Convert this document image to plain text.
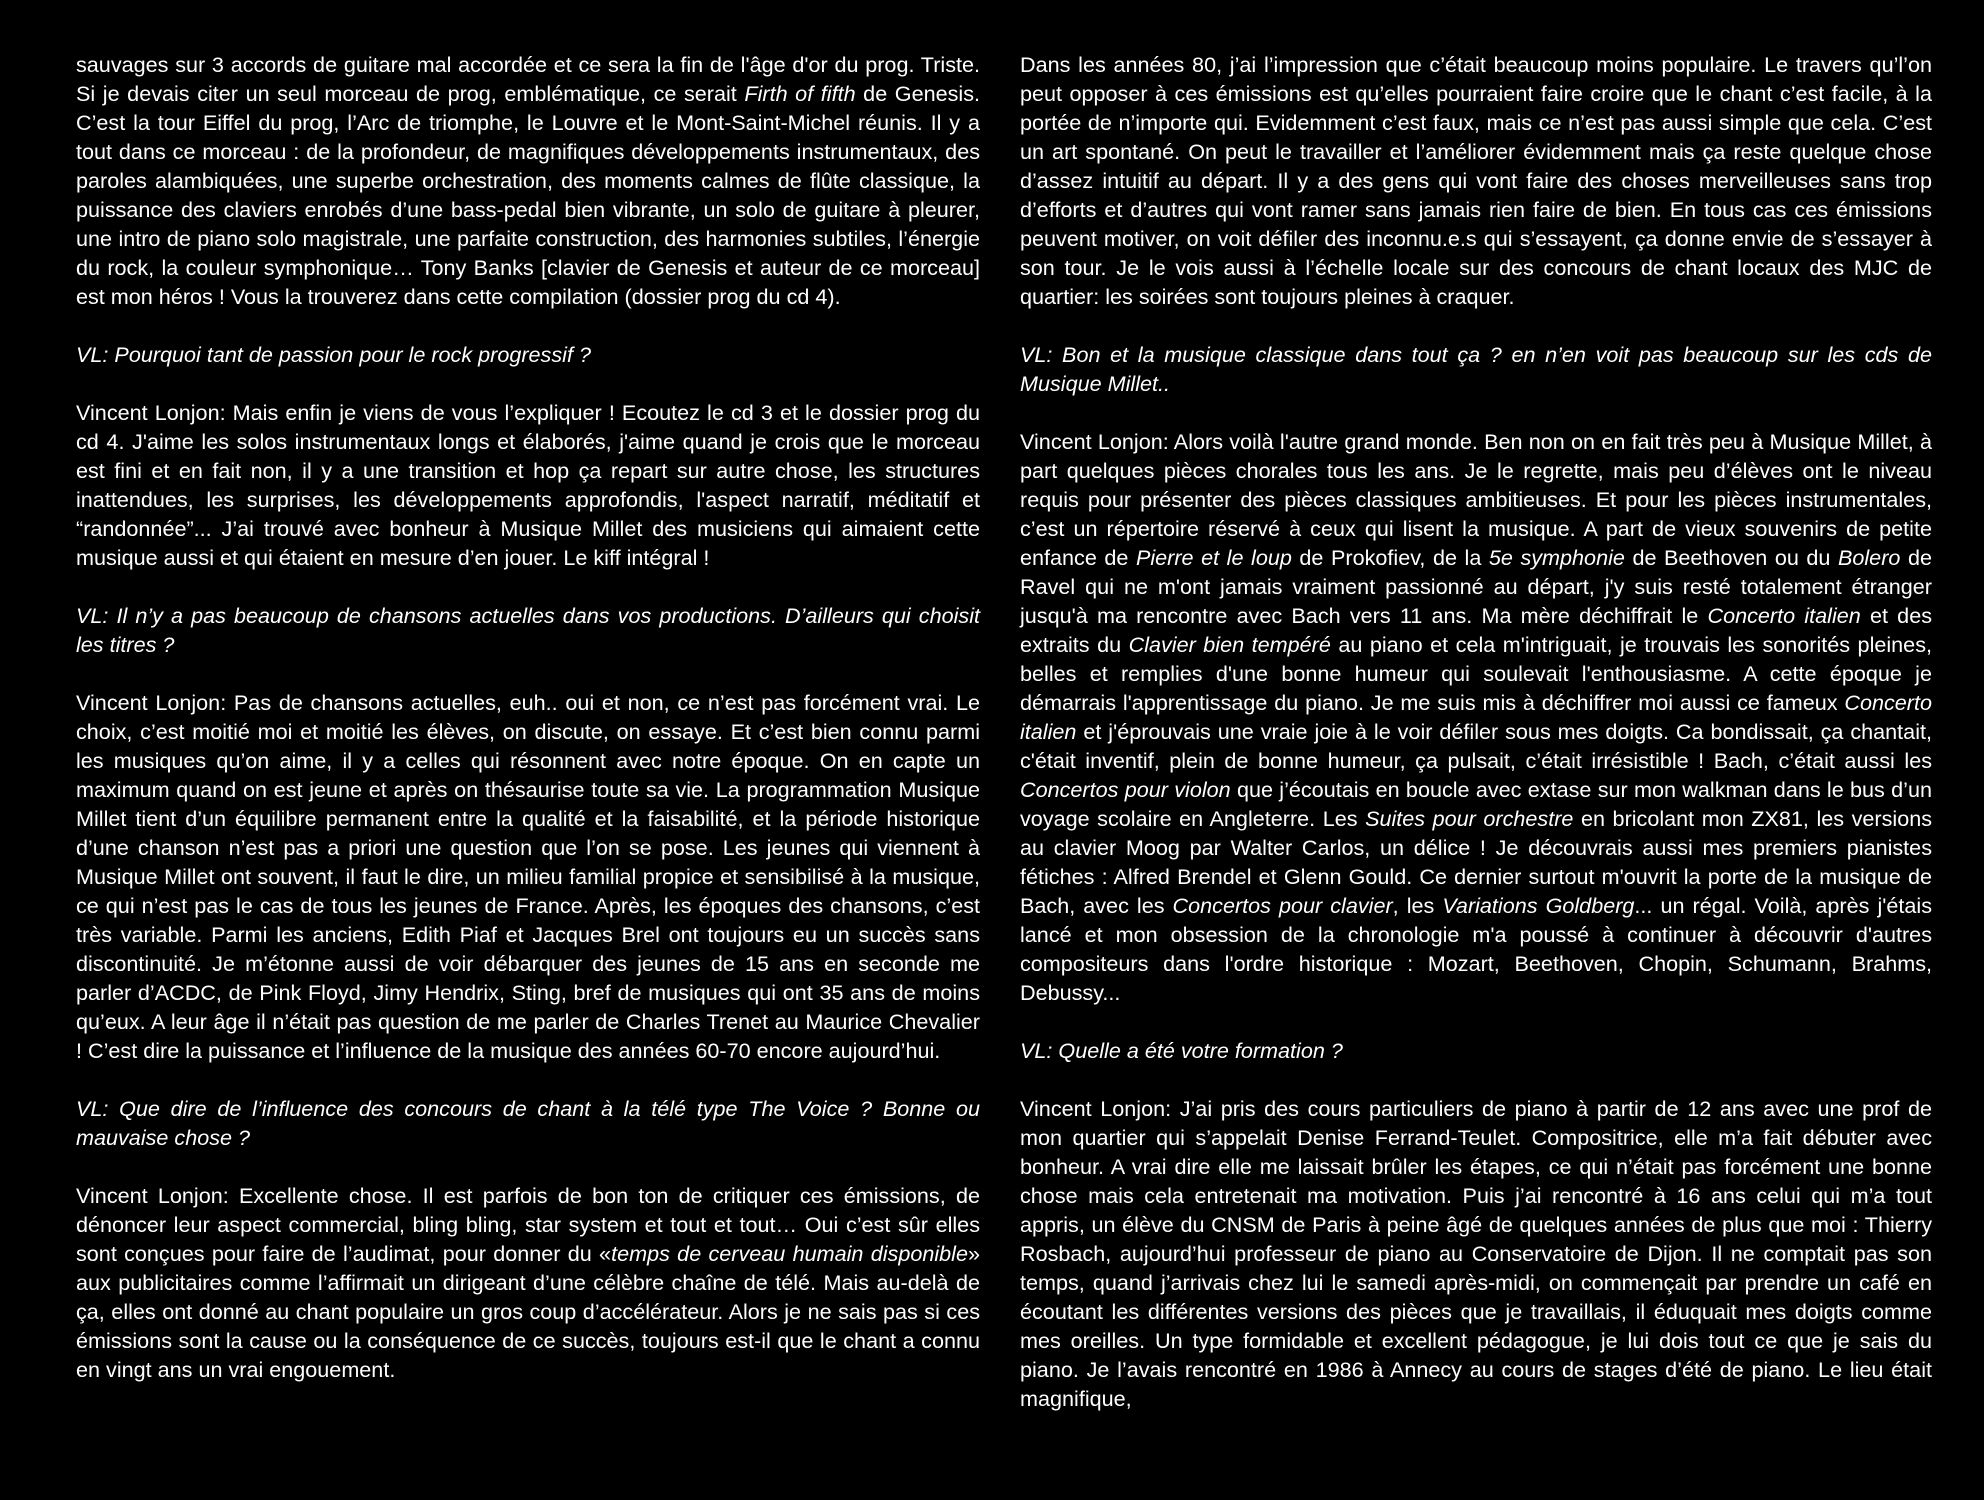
sauvages sur 3 accords de guitare mal accordée et ce sera la fin de l'âge d'or du prog. Triste. Si je devais citer un seul morceau de prog, emblématique, ce serait Firth of fifth de Genesis. C’est la tour Eiffel du prog, l’Arc de triomphe, le Louvre et le Mont-Saint-Michel réunis. Il y a tout dans ce morceau : de la profondeur, de magnifiques développements instrumentaux, des paroles alambiquées, une superbe orchestration, des moments calmes de flûte classique, la puissance des claviers enrobés d’une bass-pedal bien vibrante, un solo de guitare à pleurer, une intro de piano solo magistrale, une parfaite construction, des harmonies subtiles, l’énergie du rock, la couleur symphonique… Tony Banks [clavier de Genesis et auteur de ce morceau] est mon héros ! Vous la trouverez dans cette compilation (dossier prog du cd 4).

VL: Pourquoi tant de passion pour le rock progressif ?

Vincent Lonjon: Mais enfin je viens de vous l’expliquer ! Ecoutez le cd 3 et le dossier prog du cd 4. J'aime les solos instrumentaux longs et élaborés, j'aime quand je crois que le morceau est fini et en fait non, il y a une transition et hop ça repart sur autre chose, les structures inattendues, les surprises, les développements approfondis, l'aspect narratif, méditatif et “randonnée”... J’ai trouvé avec bonheur à Musique Millet des musiciens qui aimaient cette musique aussi et qui étaient en mesure d’en jouer. Le kiff intégral !

VL: Il n’y a pas beaucoup de chansons actuelles dans vos productions. D’ailleurs qui choisit les titres ?

Vincent Lonjon: Pas de chansons actuelles, euh.. oui et non, ce n’est pas forcément vrai. Le choix, c’est moitié moi et moitié les élèves, on discute, on essaye. Et c’est bien connu parmi les musiques qu’on aime, il y a celles qui résonnent avec notre époque. On en capte un maximum quand on est jeune et après on thésaurise toute sa vie. La programmation Musique Millet tient d’un équilibre permanent entre la qualité et la faisabilité, et la période historique d’une chanson n’est pas a priori une question que l’on se pose. Les jeunes qui viennent à Musique Millet ont souvent, il faut le dire, un milieu familial propice et sensibilisé à la musique, ce qui n’est pas le cas de tous les jeunes de France. Après, les époques des chansons, c’est très variable. Parmi les anciens, Edith Piaf et Jacques Brel ont toujours eu un succès sans discontinuité. Je m’étonne aussi de voir débarquer des jeunes de 15 ans en seconde me parler d’ACDC, de Pink Floyd, Jimy Hendrix, Sting, bref de musiques qui ont 35 ans de moins qu’eux. A leur âge il n’était pas question de me parler de Charles Trenet au Maurice Chevalier ! C’est dire la puissance et l’influence de la musique des années 60-70 encore aujourd’hui.

VL: Que dire de l’influence des concours de chant à la télé type The Voice ? Bonne ou mauvaise chose ?

Vincent Lonjon: Excellente chose. Il est parfois de bon ton de critiquer ces émissions, de dénoncer leur aspect commercial, bling bling, star system et tout et tout… Oui c’est sûr elles sont conçues pour faire de l’audimat, pour donner du «temps de cerveau humain disponible» aux publicitaires comme l’affirmait un dirigeant d’une célèbre chaîne de télé. Mais au-delà de ça, elles ont donné au chant populaire un gros coup d’accélérateur. Alors je ne sais pas si ces émissions sont la cause ou la conséquence de ce succès, toujours est-il que le chant a connu en vingt ans un vrai engouement.

Dans les années 80, j’ai l’impression que c’était beaucoup moins populaire. Le travers qu’l’on peut opposer à ces émissions est qu’elles pourraient faire croire que le chant c’est facile, à la portée de n’importe qui. Evidemment c’est faux, mais ce n’est pas aussi simple que cela. C’est un art spontané. On peut le travailler et l’améliorer évidemment mais ça reste quelque chose d’assez intuitif au départ. Il y a des gens qui vont faire des choses merveilleuses sans trop d’efforts et d’autres qui vont ramer sans jamais rien faire de bien. En tous cas ces émissions peuvent motiver, on voit défiler des inconnu.e.s qui s’essayent, ça donne envie de s’essayer à son tour. Je le vois aussi à l’échelle locale sur des concours de chant locaux des MJC de quartier: les soirées sont toujours pleines à craquer.

VL: Bon et la musique classique dans tout ça ? en n’en voit pas beaucoup sur les cds de Musique Millet..

Vincent Lonjon: Alors voilà l'autre grand monde. Ben non on en fait très peu à Musique Millet, à part quelques pièces chorales tous les ans. Je le regrette, mais peu d’élèves ont le niveau requis pour présenter des pièces classiques ambitieuses. Et pour les pièces instrumentales, c’est un répertoire réservé à ceux qui lisent la musique. A part de vieux souvenirs de petite enfance de Pierre et le loup de Prokofiev, de la 5e symphonie de Beethoven ou du Bolero de Ravel qui ne m'ont jamais vraiment passionné au départ, j'y suis resté totalement étranger jusqu'à ma rencontre avec Bach vers 11 ans. Ma mère déchiffrait le Concerto italien et des extraits du Clavier bien tempéré au piano et cela m'intriguait, je trouvais les sonorités pleines, belles et remplies d'une bonne humeur qui soulevait l'enthousiasme. A cette époque je démarrais l'apprentissage du piano. Je me suis mis à déchiffrer moi aussi ce fameux Concerto italien et j'éprouvais une vraie joie à le voir défiler sous mes doigts. Ca bondissait, ça chantait, c'était inventif, plein de bonne humeur, ça pulsait, c’était irrésistible ! Bach, c’était aussi les Concertos pour violon que j’écoutais en boucle avec extase sur mon walkman dans le bus d’un voyage scolaire en Angleterre. Les Suites pour orchestre en bricolant mon ZX81, les versions au clavier Moog par Walter Carlos, un délice ! Je découvrais aussi mes premiers pianistes fétiches : Alfred Brendel et Glenn Gould. Ce dernier surtout m'ouvrit la porte de la musique de Bach, avec les Concertos pour clavier, les Variations Goldberg... un régal. Voilà, après j'étais lancé et mon obsession de la chronologie m'a poussé à continuer à découvrir d'autres compositeurs dans l'ordre historique : Mozart, Beethoven, Chopin, Schumann, Brahms, Debussy...

VL: Quelle a été votre formation ?

Vincent Lonjon: J’ai pris des cours particuliers de piano à partir de 12 ans avec une prof de mon quartier qui s’appelait Denise Ferrand-Teulet. Compositrice, elle m’a fait débuter avec bonheur. A vrai dire elle me laissait brûler les étapes, ce qui n’était pas forcément une bonne chose mais cela entretenait ma motivation. Puis j’ai rencontré à 16 ans celui qui m’a tout appris, un élève du CNSM de Paris à peine âgé de quelques années de plus que moi : Thierry Rosbach, aujourd’hui professeur de piano au Conservatoire de Dijon. Il ne comptait pas son temps, quand j’arrivais chez lui le samedi après-midi, on commençait par prendre un café en écoutant les différentes versions des pièces que je travaillais, il éduquait mes doigts comme mes oreilles. Un type formidable et excellent pédagogue, je lui dois tout ce que je sais du piano. Je l’avais rencontré en 1986 à Annecy au cours de stages d’été de piano. Le lieu était magnifique,
